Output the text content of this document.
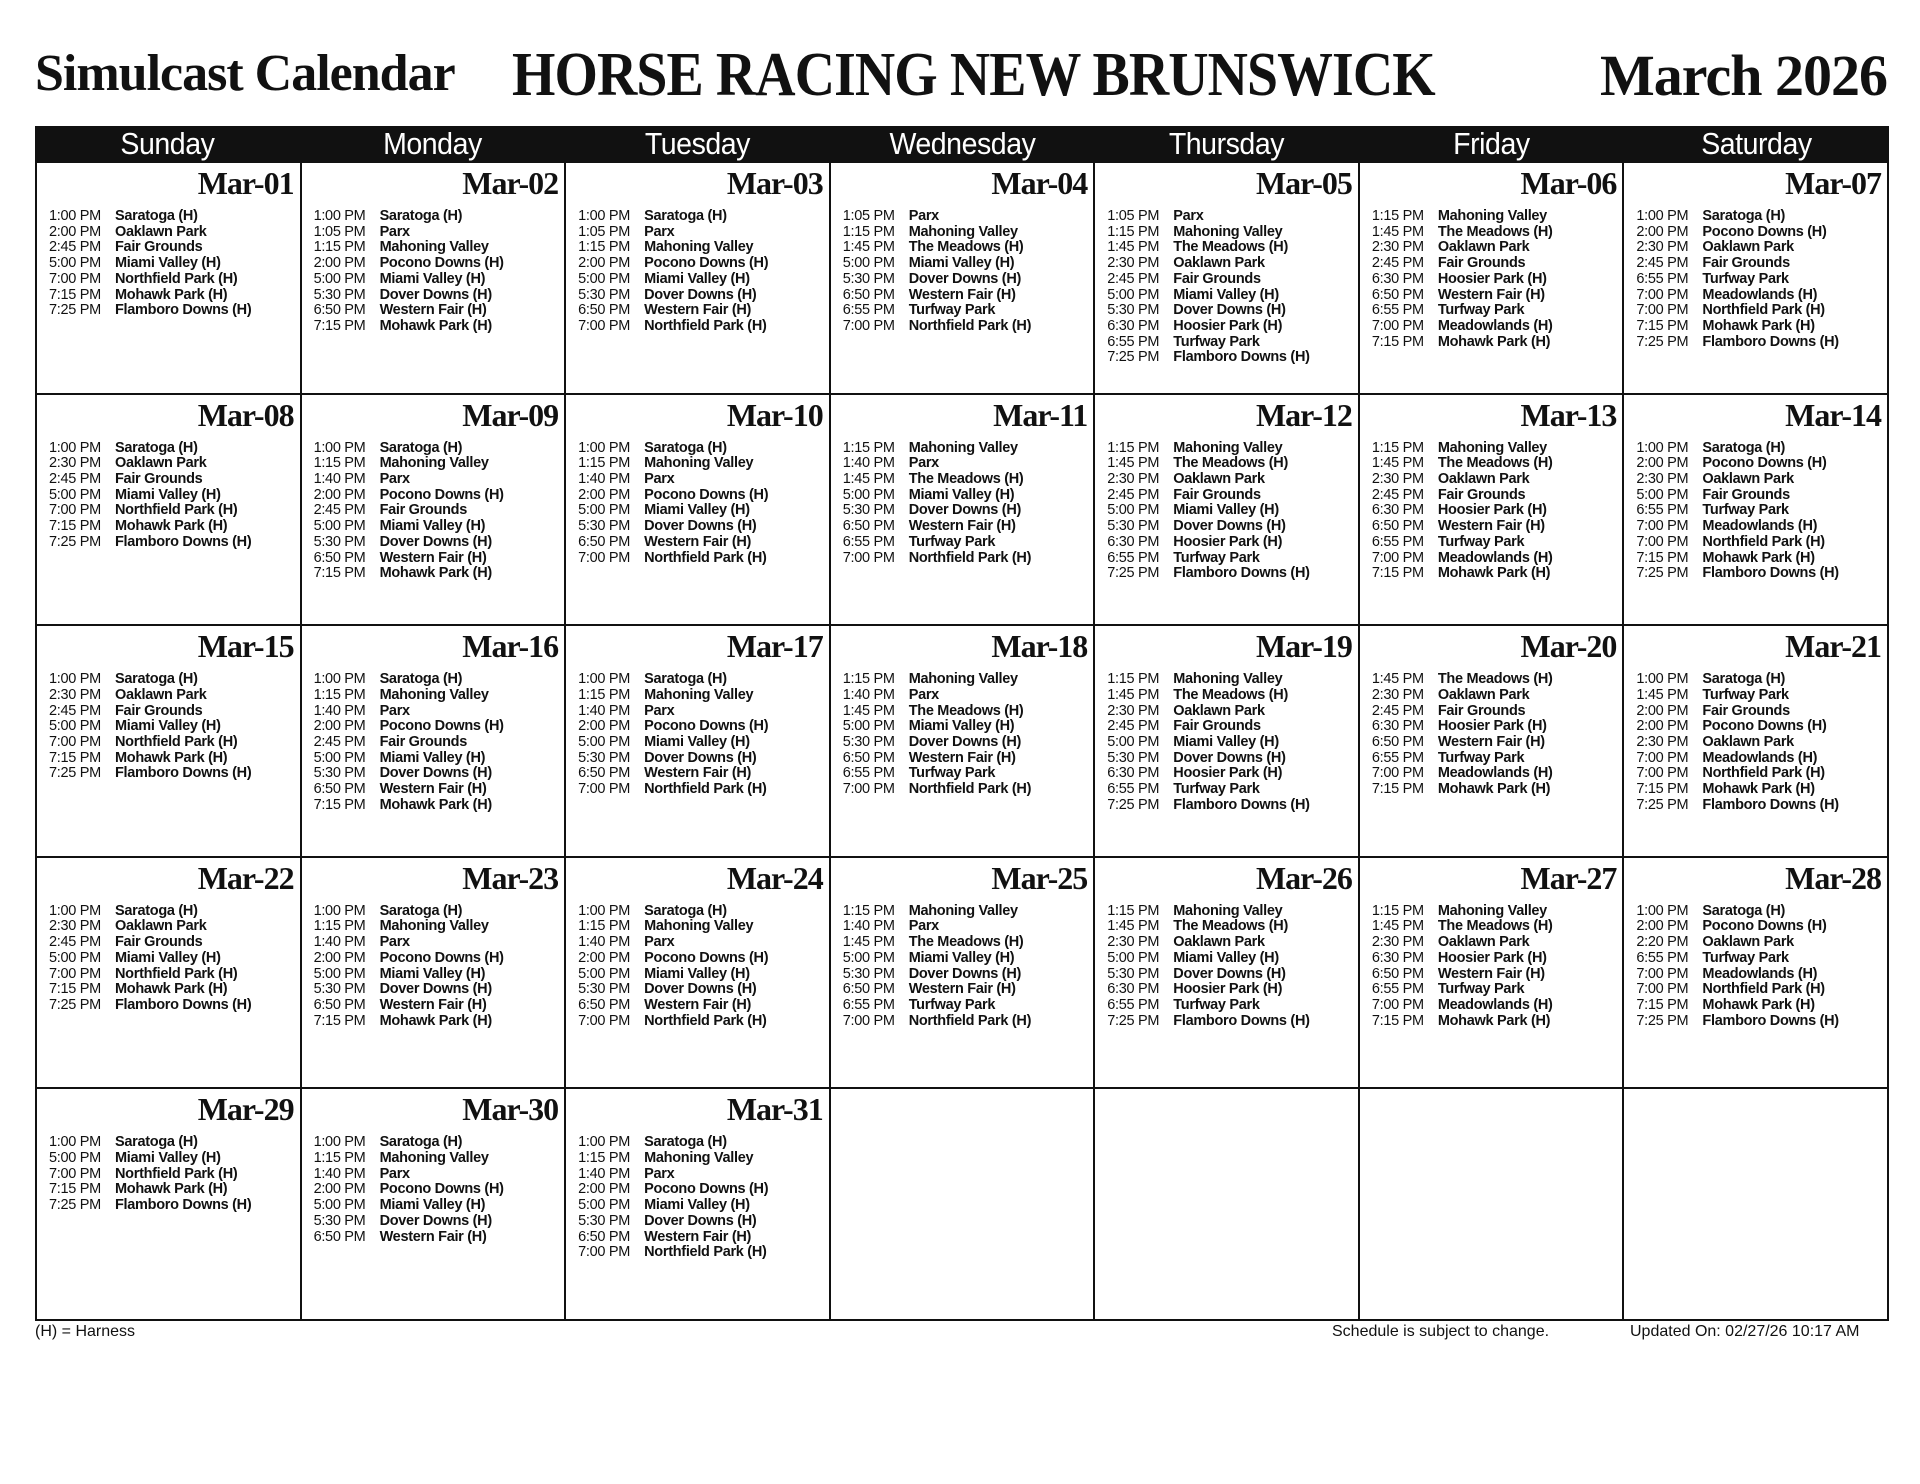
Simulcast Calendar HORSE RACING NEW BRUNSWICK	March 2026
Sunday	Monday	Tuesday	Wednesday	Thursday	Friday	Saturday
Mar-01
1:00 PM Saratoga (H)
2:00 PM Oaklawn Park
2:45 PM Fair Grounds
5:00 PM Miami Valley (H)
7:00 PM Northfield Park (H)
7:15 PM Mohawk Park (H)
7:25 PM Flamboro Downs (H)
Mar-02
1:00 PM Saratoga (H)
1:05 PM Parx
1:15 PM Mahoning Valley
2:00 PM Pocono Downs (H)
5:00 PM Miami Valley (H)
5:30 PM Dover Downs (H)
6:50 PM Western Fair (H)
7:15 PM Mohawk Park (H)
Mar-03
1:00 PM Saratoga (H)
1:05 PM Parx
1:15 PM Mahoning Valley
2:00 PM Pocono Downs (H)
5:00 PM Miami Valley (H)
5:30 PM Dover Downs (H)
6:50 PM Western Fair (H)
7:00 PM Northfield Park (H)
Mar-04
1:05 PM Parx
1:15 PM Mahoning Valley
1:45 PM The Meadows (H)
5:00 PM Miami Valley (H)
5:30 PM Dover Downs (H)
6:50 PM Western Fair (H)
6:55 PM Turfway Park
7:00 PM Northfield Park (H)
Mar-05
1:05 PM Parx
1:15 PM Mahoning Valley
1:45 PM The Meadows (H)
2:30 PM Oaklawn Park
2:45 PM Fair Grounds
5:00 PM Miami Valley (H)
5:30 PM Dover Downs (H)
6:30 PM Hoosier Park (H)
6:55 PM Turfway Park
7:25 PM Flamboro Downs (H)
Mar-06
1:15 PM Mahoning Valley
1:45 PM The Meadows (H)
2:30 PM Oaklawn Park
2:45 PM Fair Grounds
6:30 PM Hoosier Park (H)
6:50 PM Western Fair (H)
6:55 PM Turfway Park
7:00 PM Meadowlands (H)
7:15 PM Mohawk Park (H)
Mar-07
1:00 PM Saratoga (H)
2:00 PM Pocono Downs (H)
2:30 PM Oaklawn Park
2:45 PM Fair Grounds
6:55 PM Turfway Park
7:00 PM Meadowlands (H)
7:00 PM Northfield Park (H)
7:15 PM Mohawk Park (H)
7:25 PM Flamboro Downs (H)
Mar-08
1:00 PM Saratoga (H)
2:30 PM Oaklawn Park
2:45 PM Fair Grounds
5:00 PM Miami Valley (H)
7:00 PM Northfield Park (H)
7:15 PM Mohawk Park (H)
7:25 PM Flamboro Downs (H)
Mar-09
1:00 PM Saratoga (H)
1:15 PM Mahoning Valley
1:40 PM Parx
2:00 PM Pocono Downs (H)
2:45 PM Fair Grounds
5:00 PM Miami Valley (H)
5:30 PM Dover Downs (H)
6:50 PM Western Fair (H)
7:15 PM Mohawk Park (H)
Mar-10
1:00 PM Saratoga (H)
1:15 PM Mahoning Valley
1:40 PM Parx
2:00 PM Pocono Downs (H)
5:00 PM Miami Valley (H)
5:30 PM Dover Downs (H)
6:50 PM Western Fair (H)
7:00 PM Northfield Park (H)
Mar-11
1:15 PM Mahoning Valley
1:40 PM Parx
1:45 PM The Meadows (H)
5:00 PM Miami Valley (H)
5:30 PM Dover Downs (H)
6:50 PM Western Fair (H)
6:55 PM Turfway Park
7:00 PM Northfield Park (H)
Mar-12
1:15 PM Mahoning Valley
1:45 PM The Meadows (H)
2:30 PM Oaklawn Park
2:45 PM Fair Grounds
5:00 PM Miami Valley (H)
5:30 PM Dover Downs (H)
6:30 PM Hoosier Park (H)
6:55 PM Turfway Park
7:25 PM Flamboro Downs (H)
Mar-13
1:15 PM Mahoning Valley
1:45 PM The Meadows (H)
2:30 PM Oaklawn Park
2:45 PM Fair Grounds
6:30 PM Hoosier Park (H)
6:50 PM Western Fair (H)
6:55 PM Turfway Park
7:00 PM Meadowlands (H)
7:15 PM Mohawk Park (H)
Mar-14
1:00 PM Saratoga (H)
2:00 PM Pocono Downs (H)
2:30 PM Oaklawn Park
5:00 PM Fair Grounds
6:55 PM Turfway Park
7:00 PM Meadowlands (H)
7:00 PM Northfield Park (H)
7:15 PM Mohawk Park (H)
7:25 PM Flamboro Downs (H)
Mar-15
1:00 PM Saratoga (H)
2:30 PM Oaklawn Park
2:45 PM Fair Grounds
5:00 PM Miami Valley (H)
7:00 PM Northfield Park (H)
7:15 PM Mohawk Park (H)
7:25 PM Flamboro Downs (H)
Mar-16
1:00 PM Saratoga (H)
1:15 PM Mahoning Valley
1:40 PM Parx
2:00 PM Pocono Downs (H)
2:45 PM Fair Grounds
5:00 PM Miami Valley (H)
5:30 PM Dover Downs (H)
6:50 PM Western Fair (H)
7:15 PM Mohawk Park (H)
Mar-17
1:00 PM Saratoga (H)
1:15 PM Mahoning Valley
1:40 PM Parx
2:00 PM Pocono Downs (H)
5:00 PM Miami Valley (H)
5:30 PM Dover Downs (H)
6:50 PM Western Fair (H)
7:00 PM Northfield Park (H)
Mar-18
1:15 PM Mahoning Valley
1:40 PM Parx
1:45 PM The Meadows (H)
5:00 PM Miami Valley (H)
5:30 PM Dover Downs (H)
6:50 PM Western Fair (H)
6:55 PM Turfway Park
7:00 PM Northfield Park (H)
Mar-19
1:15 PM Mahoning Valley
1:45 PM The Meadows (H)
2:30 PM Oaklawn Park
2:45 PM Fair Grounds
5:00 PM Miami Valley (H)
5:30 PM Dover Downs (H)
6:30 PM Hoosier Park (H)
6:55 PM Turfway Park
7:25 PM Flamboro Downs (H)
Mar-20
1:45 PM The Meadows (H)
2:30 PM Oaklawn Park
2:45 PM Fair Grounds
6:30 PM Hoosier Park (H)
6:50 PM Western Fair (H)
6:55 PM Turfway Park
7:00 PM Meadowlands (H)
7:15 PM Mohawk Park (H)
Mar-21
1:00 PM Saratoga (H)
1:45 PM Turfway Park
2:00 PM Fair Grounds
2:00 PM Pocono Downs (H)
2:30 PM Oaklawn Park
7:00 PM Meadowlands (H)
7:00 PM Northfield Park (H)
7:15 PM Mohawk Park (H)
7:25 PM Flamboro Downs (H)
Mar-22
1:00 PM Saratoga (H)
2:30 PM Oaklawn Park
2:45 PM Fair Grounds
5:00 PM Miami Valley (H)
7:00 PM Northfield Park (H)
7:15 PM Mohawk Park (H)
7:25 PM Flamboro Downs (H)
Mar-23
1:00 PM Saratoga (H)
1:15 PM Mahoning Valley
1:40 PM Parx
2:00 PM Pocono Downs (H)
5:00 PM Miami Valley (H)
5:30 PM Dover Downs (H)
6:50 PM Western Fair (H)
7:15 PM Mohawk Park (H)
Mar-24
1:00 PM Saratoga (H)
1:15 PM Mahoning Valley
1:40 PM Parx
2:00 PM Pocono Downs (H)
5:00 PM Miami Valley (H)
5:30 PM Dover Downs (H)
6:50 PM Western Fair (H)
7:00 PM Northfield Park (H)
Mar-25
1:15 PM Mahoning Valley
1:40 PM Parx
1:45 PM The Meadows (H)
5:00 PM Miami Valley (H)
5:30 PM Dover Downs (H)
6:50 PM Western Fair (H)
6:55 PM Turfway Park
7:00 PM Northfield Park (H)
Mar-26
1:15 PM Mahoning Valley
1:45 PM The Meadows (H)
2:30 PM Oaklawn Park
5:00 PM Miami Valley (H)
5:30 PM Dover Downs (H)
6:30 PM Hoosier Park (H)
6:55 PM Turfway Park
7:25 PM Flamboro Downs (H)
Mar-27
1:15 PM Mahoning Valley
1:45 PM The Meadows (H)
2:30 PM Oaklawn Park
6:30 PM Hoosier Park (H)
6:50 PM Western Fair (H)
6:55 PM Turfway Park
7:00 PM Meadowlands (H)
7:15 PM Mohawk Park (H)
Mar-28
1:00 PM Saratoga (H)
2:00 PM Pocono Downs (H)
2:20 PM Oaklawn Park
6:55 PM Turfway Park
7:00 PM Meadowlands (H)
7:00 PM Northfield Park (H)
7:15 PM Mohawk Park (H)
7:25 PM Flamboro Downs (H)
Mar-29
1:00 PM Saratoga (H)
5:00 PM Miami Valley (H)
7:00 PM Northfield Park (H)
7:15 PM Mohawk Park (H)
7:25 PM Flamboro Downs (H)
Mar-30
1:00 PM Saratoga (H)
1:15 PM Mahoning Valley
1:40 PM Parx
2:00 PM Pocono Downs (H)
5:00 PM Miami Valley (H)
5:30 PM Dover Downs (H)
6:50 PM Western Fair (H)
Mar-31
1:00 PM Saratoga (H)
1:15 PM Mahoning Valley
1:40 PM Parx
2:00 PM Pocono Downs (H)
5:00 PM Miami Valley (H)
5:30 PM Dover Downs (H)
6:50 PM Western Fair (H)
7:00 PM Northfield Park (H)
(H) = Harness	Schedule is subject to change.	Updated On: 02/27/26 10:17 AM
